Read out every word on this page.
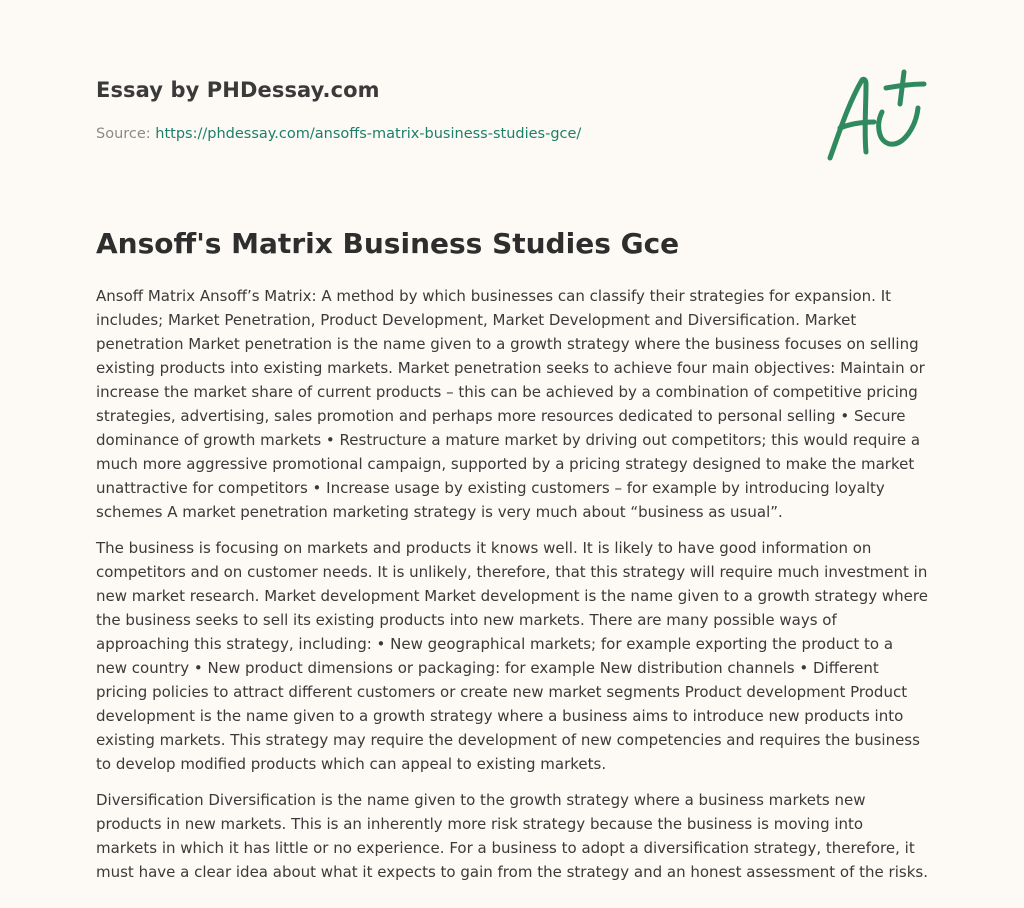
Essay by PHDessay.com
Source: https://phdessay.com/ansoffs-matrix-business-studies-gce/
Ansoff's Matrix Business Studies Gce

Ansoff Matrix Ansoff’s Matrix: A method by which businesses can classify their strategies for expansion. It includes; Market Penetration, Product Development, Market Development and Diversification. Market penetration Market penetration is the name given to a growth strategy where the business focuses on selling existing products into existing markets. Market penetration seeks to achieve four main objectives: Maintain or increase the market share of current products – this can be achieved by a combination of competitive pricing strategies, advertising, sales promotion and perhaps more resources dedicated to personal selling • Secure dominance of growth markets • Restructure a mature market by driving out competitors; this would require a much more aggressive promotional campaign, supported by a pricing strategy designed to make the market unattractive for competitors • Increase usage by existing customers – for example by introducing loyalty schemes A market penetration marketing strategy is very much about “business as usual”.

The business is focusing on markets and products it knows well. It is likely to have good information on competitors and on customer needs. It is unlikely, therefore, that this strategy will require much investment in new market research. Market development Market development is the name given to a growth strategy where the business seeks to sell its existing products into new markets. There are many possible ways of approaching this strategy, including: • New geographical markets; for example exporting the product to a new country • New product dimensions or packaging: for example New distribution channels • Different pricing policies to attract different customers or create new market segments Product development Product development is the name given to a growth strategy where a business aims to introduce new products into existing markets. This strategy may require the development of new competencies and requires the business to develop modified products which can appeal to existing markets.

Diversification Diversification is the name given to the growth strategy where a business markets new products in new markets. This is an inherently more risk strategy because the business is moving into markets in which it has little or no experience. For a business to adopt a diversification strategy, therefore, it must have a clear idea about what it expects to gain from the strategy and an honest assessment of the risks.
